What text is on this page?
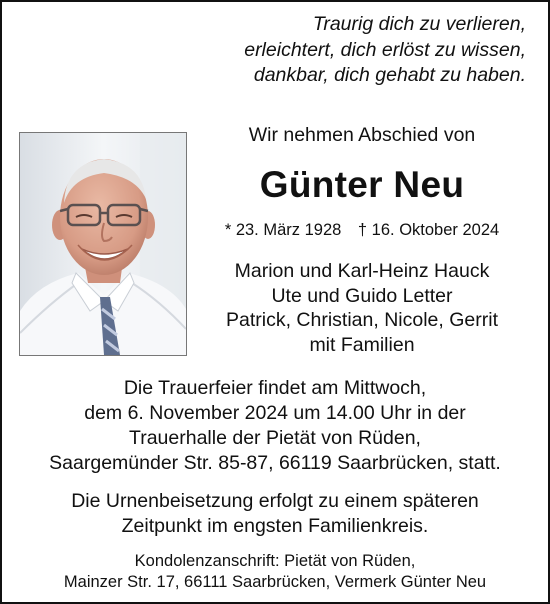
Traurig dich zu verlieren,
erleichtert, dich erlöst zu wissen,
dankbar, dich gehabt zu haben.
Wir nehmen Abschied von
Günter Neu
* 23. März 1928 † 16. Oktober 2024
Marion und Karl-Heinz Hauck
Ute und Guido Letter
Patrick, Christian, Nicole, Gerrit
mit Familien
Die Trauerfeier findet am Mittwoch,
dem 6. November 2024 um 14.00 Uhr in der
Trauerhalle der Pietät von Rüden,
Saargemünder Str. 85-87, 66119 Saarbrücken, statt.
Die Urnenbeisetzung erfolgt zu einem späteren
Zeitpunkt im engsten Familienkreis.
Kondolenzanschrift: Pietät von Rüden,
Mainzer Str. 17, 66111 Saarbrücken, Vermerk Günter Neu
